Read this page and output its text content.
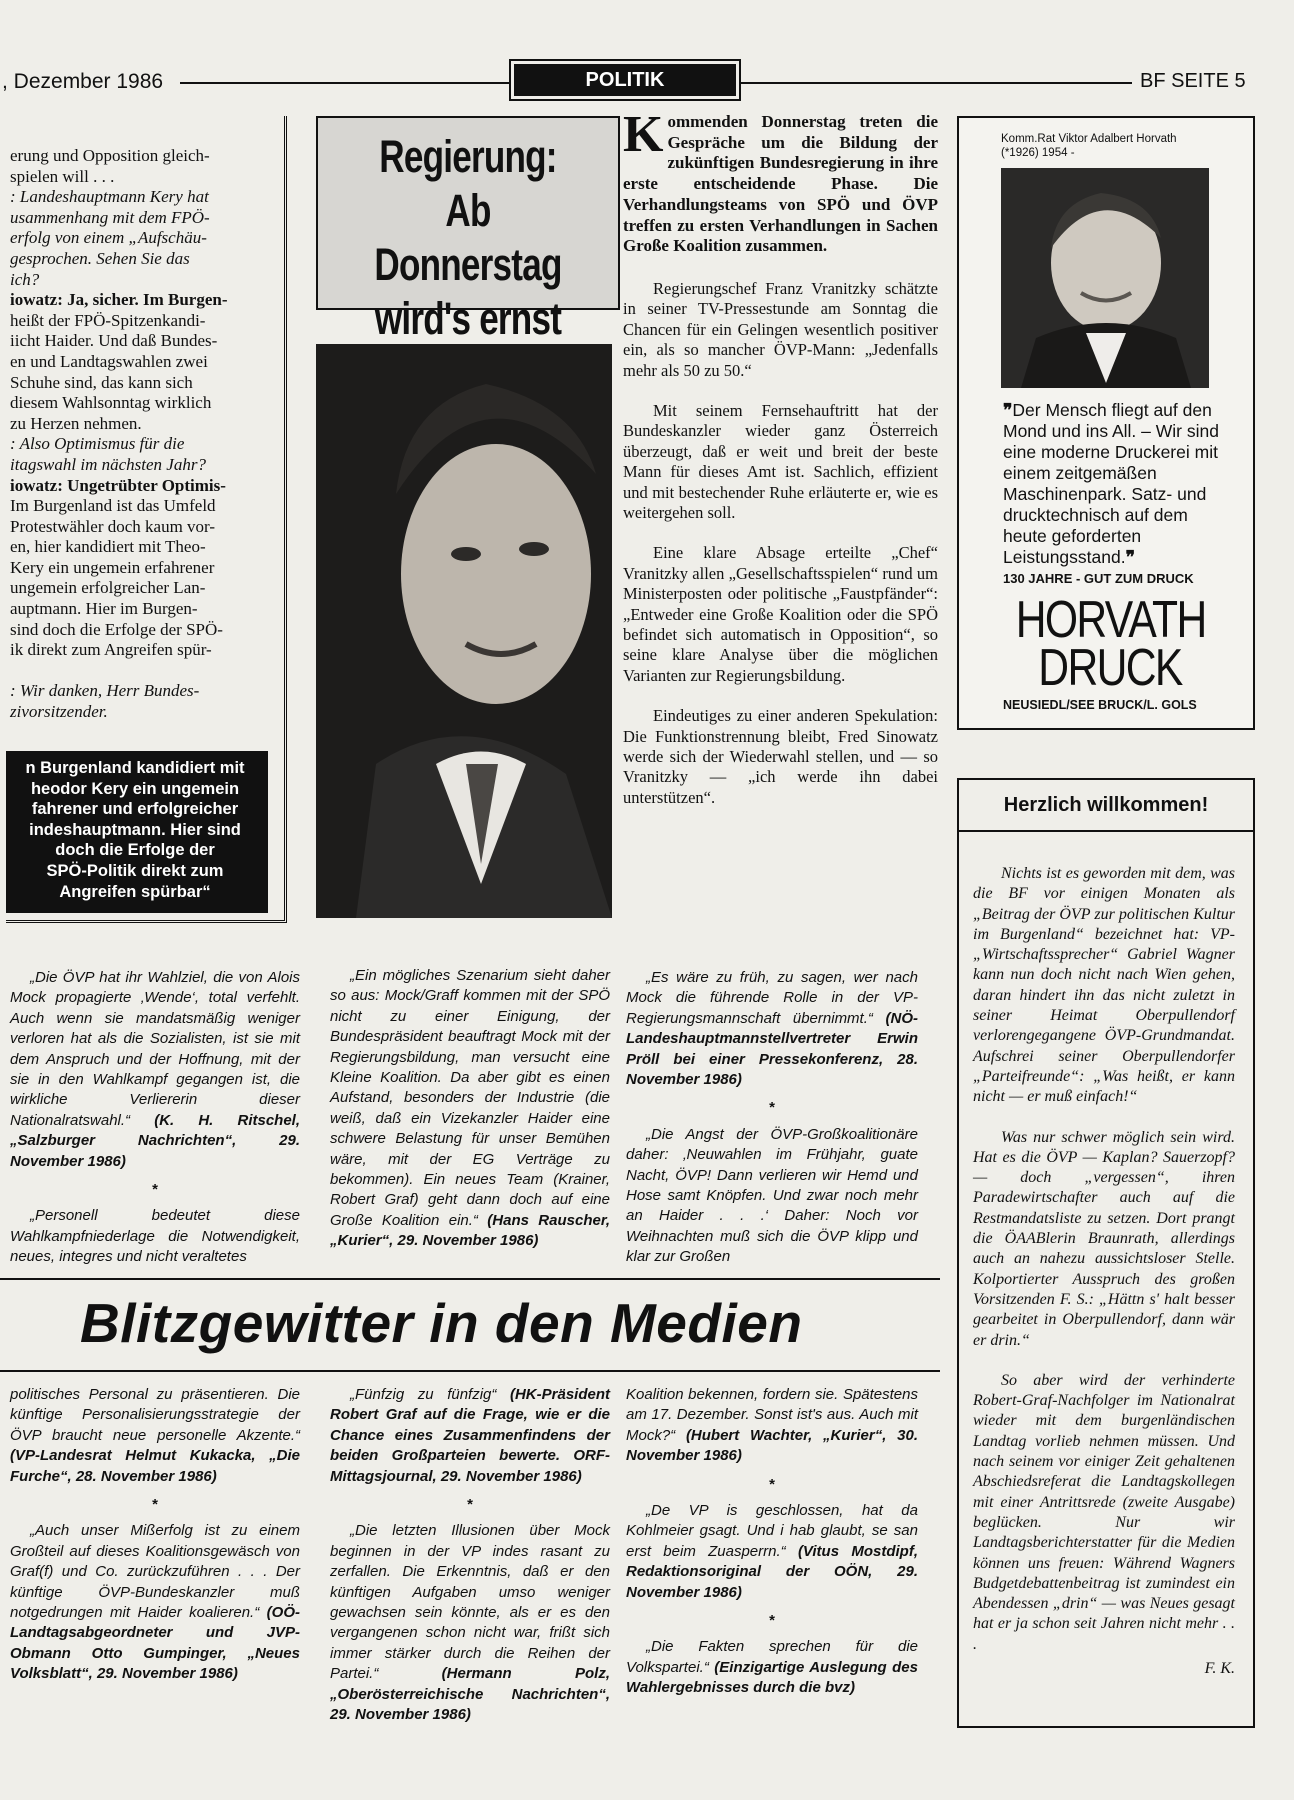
, Dezember 1986	POLITIK	BF SEITE 5
erung und Opposition gleich-
spielen will . . .
: Landeshauptmann Kery hat
usammenhang mit dem FPÖ-
erfolg von einem „Aufschäu-
gesprochen. Sehen Sie das
ich?
iowatz: Ja, sicher. Im Burgen-
heißt der FPÖ-Spitzenkandi-
iicht Haider. Und daß Bundes-
en und Landtagswahlen zwei
Schuhe sind, das kann sich
diesem Wahlsonntag wirklich
zu Herzen nehmen.
: Also Optimismus für die
itagswahl im nächsten Jahr?
iowatz: Ungetrübter Optimis-
Im Burgenland ist das Umfeld
Protestwähler doch kaum vor-
en, hier kandidiert mit Theo-
Kery ein ungemein erfahrener
ungemein erfolgreicher Lan-
auptmann. Hier im Burgen-
sind doch die Erfolge der SPÖ-
ik direkt zum Angreifen spür-
: Wir danken, Herr Bundes-
zivorsitzender.
n Burgenland kandidiert mit
heodor Kery ein ungemein
fahrener und erfolgreicher
indeshauptmann. Hier sind
doch die Erfolge der
SPÖ-Politik direkt zum
Angreifen spürbar“
Regierung:
Ab Donnerstag
wird's ernst

Kommenden Donnerstag treten die Gespräche um die Bildung der zukünftigen Bundesregierung in ihre erste entscheidende Phase. Die Verhandlungsteams von SPÖ und ÖVP treffen zu ersten Verhandlungen in Sachen Große Koalition zusammen.

Regierungschef Franz Vranitzky schätzte in seiner TV-Pressestunde am Sonntag die Chancen für ein Gelingen wesentlich positiver ein, als so mancher ÖVP-Mann: „Jedenfalls mehr als 50 zu 50.“

Mit seinem Fernsehauftritt hat der Bundeskanzler wieder ganz Österreich überzeugt, daß er weit und breit der beste Mann für dieses Amt ist. Sachlich, effizient und mit bestechender Ruhe erläuterte er, wie es weitergehen soll.

Eine klare Absage erteilte „Chef“ Vranitzky allen „Gesellschaftsspielen“ rund um Ministerposten oder politische „Faustpfänder“: „Entweder eine Große Koalition oder die SPÖ befindet sich automatisch in Opposition“, so seine klare Analyse über die möglichen Varianten zur Regierungsbildung.

Eindeutiges zu einer anderen Spekulation: Die Funktionstrennung bleibt, Fred Sinowatz werde sich der Wiederwahl stellen, und — so Vranitzky — „ich werde ihn dabei unterstützen“.

Komm.Rat Viktor Adalbert Horvath
(*1926) 1954 -
❞Der Mensch fliegt auf den Mond und ins All. – Wir sind eine moderne Druckerei mit einem zeitgemäßen Maschinenpark. Satz- und drucktechnisch auf dem heute geforderten Leistungsstand.❞
130 JAHRE - GUT ZUM DRUCK
HORVATH
DRUCK
NEUSIEDL/SEE BRUCK/L. GOLS
Herzlich willkommen!

Nichts ist es geworden mit dem, was die BF vor einigen Monaten als „Beitrag der ÖVP zur politischen Kultur im Burgenland“ bezeichnet hat: VP-„Wirtschaftssprecher“ Gabriel Wagner kann nun doch nicht nach Wien gehen, daran hindert ihn das nicht zuletzt in seiner Heimat Oberpullendorf verlorengegangene ÖVP-Grundmandat. Aufschrei seiner Oberpullendorfer „Parteifreunde“: „Was heißt, er kann nicht — er muß einfach!“

Was nur schwer möglich sein wird. Hat es die ÖVP — Kaplan? Sauerzopf? — doch „vergessen“, ihren Paradewirtschafter auch auf die Restmandatsliste zu setzen. Dort prangt die ÖAABlerin Braunrath, allerdings auch an nahezu aussichtsloser Stelle. Kolportierter Ausspruch des großen Vorsitzenden F. S.: „Hättn s' halt besser gearbeitet in Oberpullendorf, dann wär er drin.“

So aber wird der verhinderte Robert-Graf-Nachfolger im Nationalrat wieder mit dem burgenländischen Landtag vorlieb nehmen müssen. Und nach seinem vor einiger Zeit gehaltenen Abschiedsreferat die Landtagskollegen mit einer Antrittsrede (zweite Ausgabe) beglücken. Nur wir Landtagsberichterstatter für die Medien können uns freuen: Während Wagners Budgetdebattenbeitrag ist zumindest ein Abendessen „drin“ — was Neues gesagt hat er ja schon seit Jahren nicht mehr . . .

F. K.

„Die ÖVP hat ihr Wahlziel, die von Alois Mock propagierte ‚Wende‘, total verfehlt. Auch wenn sie mandatsmäßig weniger verloren hat als die Sozialisten, ist sie mit dem Anspruch und der Hoffnung, mit der sie in den Wahlkampf gegangen ist, die wirkliche Verliererin dieser Nationalratswahl.“ (K. H. Ritschel, „Salzburger Nachrichten“, 29. November 1986)

*

„Personell bedeutet diese Wahlkampfniederlage die Notwendigkeit, neues, integres und nicht veraltetes

„Ein mögliches Szenarium sieht daher so aus: Mock/Graff kommen mit der SPÖ nicht zu einer Einigung, der Bundespräsident beauftragt Mock mit der Regierungsbildung, man versucht eine Kleine Koalition. Da aber gibt es einen Aufstand, besonders der Industrie (die weiß, daß ein Vizekanzler Haider eine schwere Belastung für unser Bemühen wäre, mit der EG Verträge zu bekommen). Ein neues Team (Krainer, Robert Graf) geht dann doch auf eine Große Koalition ein.“ (Hans Rauscher, „Kurier“, 29. November 1986)

„Es wäre zu früh, zu sagen, wer nach Mock die führende Rolle in der VP-Regierungsmannschaft übernimmt.“ (NÖ-Landeshauptmannstellvertreter Erwin Pröll bei einer Pressekonferenz, 28. November 1986)

*

„Die Angst der ÖVP-Großkoalitionäre daher: ‚Neuwahlen im Frühjahr, guate Nacht, ÖVP! Dann verlieren wir Hemd und Hose samt Knöpfen. Und zwar noch mehr an Haider . . .‘ Daher: Noch vor Weihnachten muß sich die ÖVP klipp und klar zur Großen

Blitzgewitter in den Medien

politisches Personal zu präsentieren. Die künftige Personalisierungsstrategie der ÖVP braucht neue personelle Akzente.“ (VP-Landesrat Helmut Kukacka, „Die Furche“, 28. November 1986)

*

„Auch unser Mißerfolg ist zu einem Großteil auf dieses Koalitionsgewäsch von Graf(f) und Co. zurückzuführen . . . Der künftige ÖVP-Bundeskanzler muß notgedrungen mit Haider koalieren.“ (OÖ-Landtagsabgeordneter und JVP-Obmann Otto Gumpinger, „Neues Volksblatt“, 29. November 1986)

„Fünfzig zu fünfzig“ (HK-Präsident Robert Graf auf die Frage, wie er die Chance eines Zusammenfindens der beiden Großparteien bewerte. ORF-Mittagsjournal, 29. November 1986)

*

„Die letzten Illusionen über Mock beginnen in der VP indes rasant zu zerfallen. Die Erkenntnis, daß er den künftigen Aufgaben umso weniger gewachsen sein könnte, als er es den vergangenen schon nicht war, frißt sich immer stärker durch die Reihen der Partei.“ (Hermann Polz, „Oberösterreichische Nachrichten“, 29. November 1986)

Koalition bekennen, fordern sie. Spätestens am 17. Dezember. Sonst ist's aus. Auch mit Mock?“ (Hubert Wachter, „Kurier“, 30. November 1986)

*

„De VP is geschlossen, hat da Kohlmeier gsagt. Und i hab glaubt, se san erst beim Zuasperrn.“ (Vitus Mostdipf, Redaktionsoriginal der OÖN, 29. November 1986)

*

„Die Fakten sprechen für die Volkspartei.“ (Einzigartige Auslegung des Wahlergebnisses durch die bvz)
